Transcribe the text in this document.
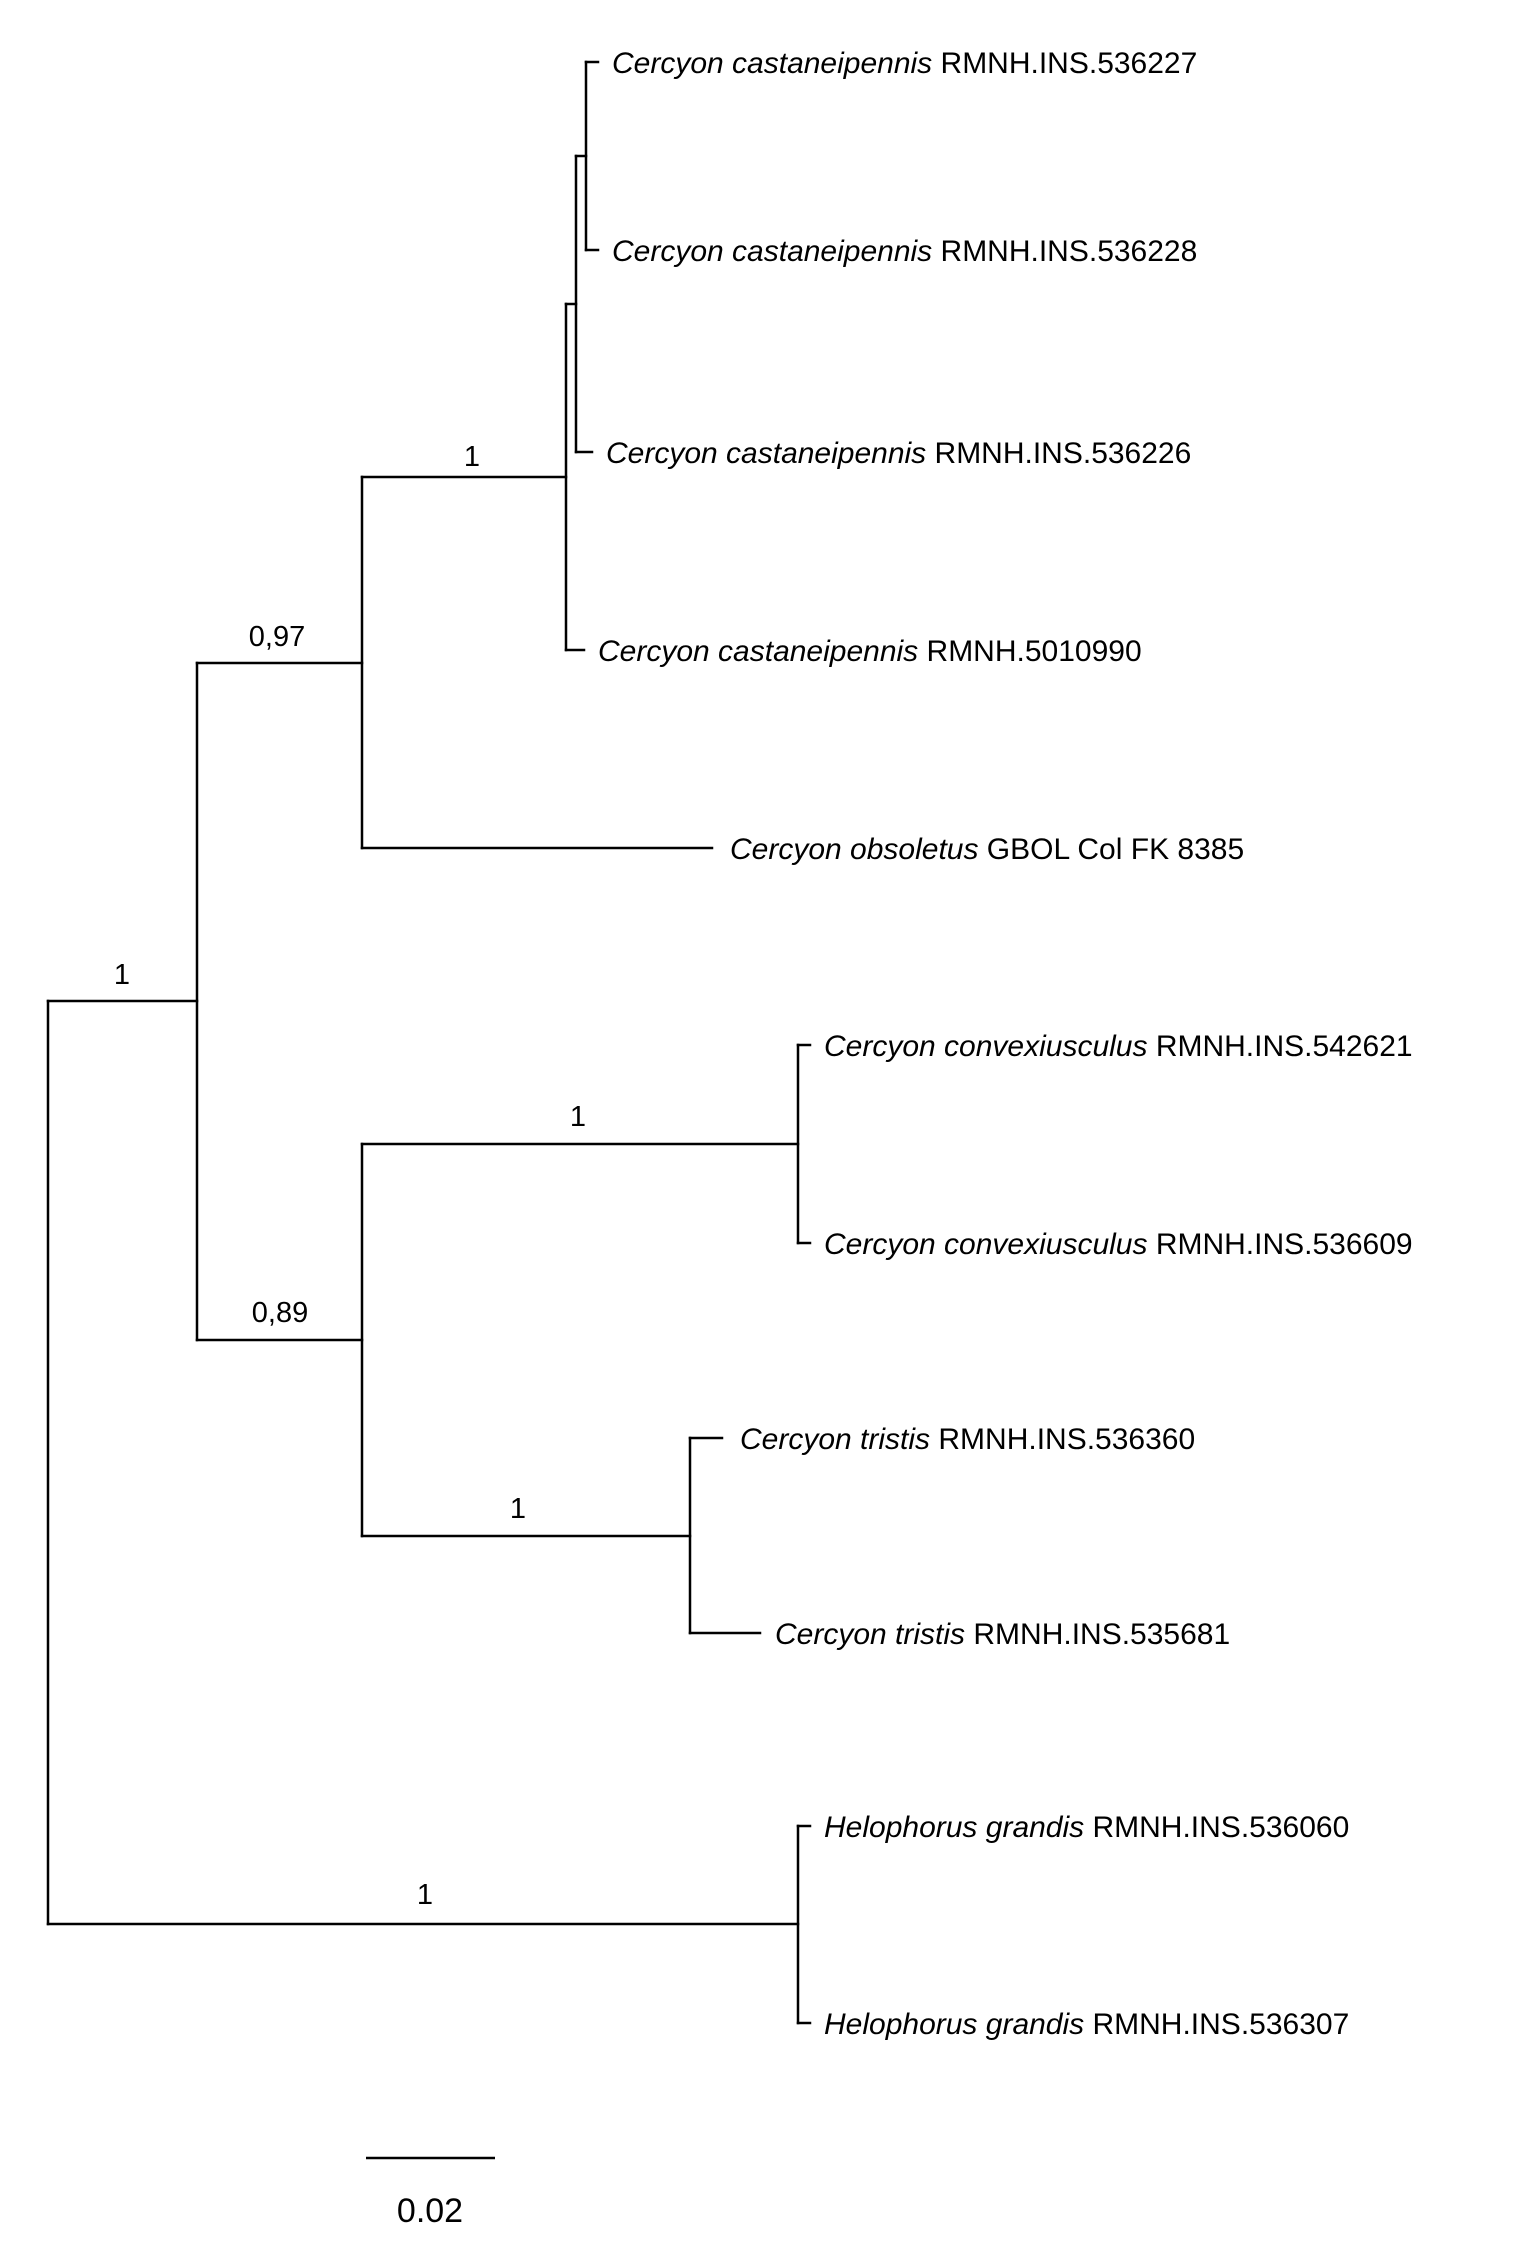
Cercyon castaneipennis RMNH.INS.536227
Cercyon castaneipennis RMNH.INS.536228
Cercyon castaneipennis RMNH.INS.536226
Cercyon castaneipennis RMNH.5010990
Cercyon obsoletus GBOL Col FK 8385
Cercyon convexiusculus RMNH.INS.542621
Cercyon convexiusculus RMNH.INS.536609
Cercyon tristis RMNH.INS.536360
Cercyon tristis RMNH.INS.535681
Helophorus grandis RMNH.INS.536060
Helophorus grandis RMNH.INS.536307
1
0,97
1
0,89
1
1
1
0.02
